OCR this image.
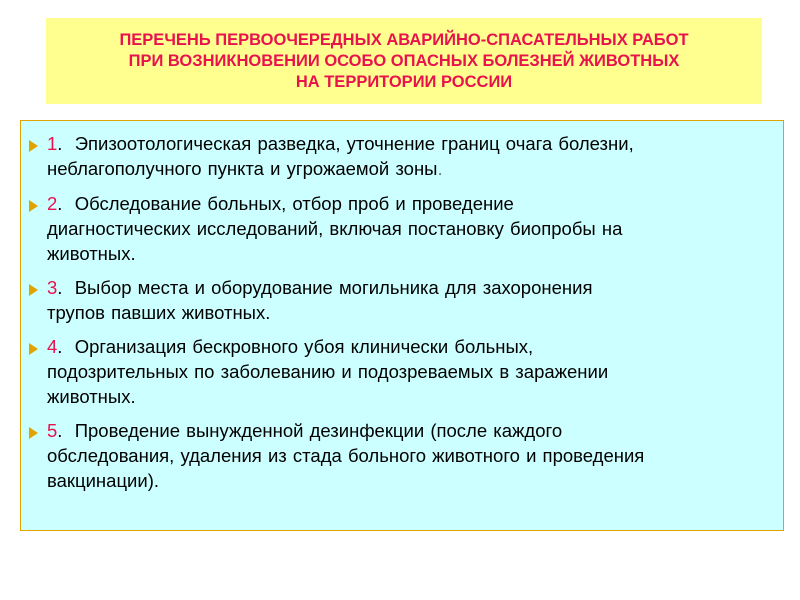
ПЕРЕЧЕНЬ ПЕРВООЧЕРЕДНЫХ АВАРИЙНО-СПАСАТЕЛЬНЫХ РАБОТ
ПРИ ВОЗНИКНОВЕНИИ ОСОБО ОПАСНЫХ БОЛЕЗНЕЙ ЖИВОТНЫХ
НА ТЕРРИТОРИИ РОССИИ
1.  Эпизоотологическая разведка, уточнение границ очага болезни,
неблагополучного пункта и угрожаемой зоны.
2.  Обследование больных, отбор проб и проведение
диагностических исследований, включая постановку биопробы на
животных.
3.  Выбор места и оборудование могильника для захоронения
трупов павших животных.
4.  Организация бескровного убоя клинически больных,
подозрительных по заболеванию и подозреваемых в заражении
животных.
5.  Проведение вынужденной дезинфекции (после каждого
обследования, удаления из стада больного животного и проведения
вакцинации).
